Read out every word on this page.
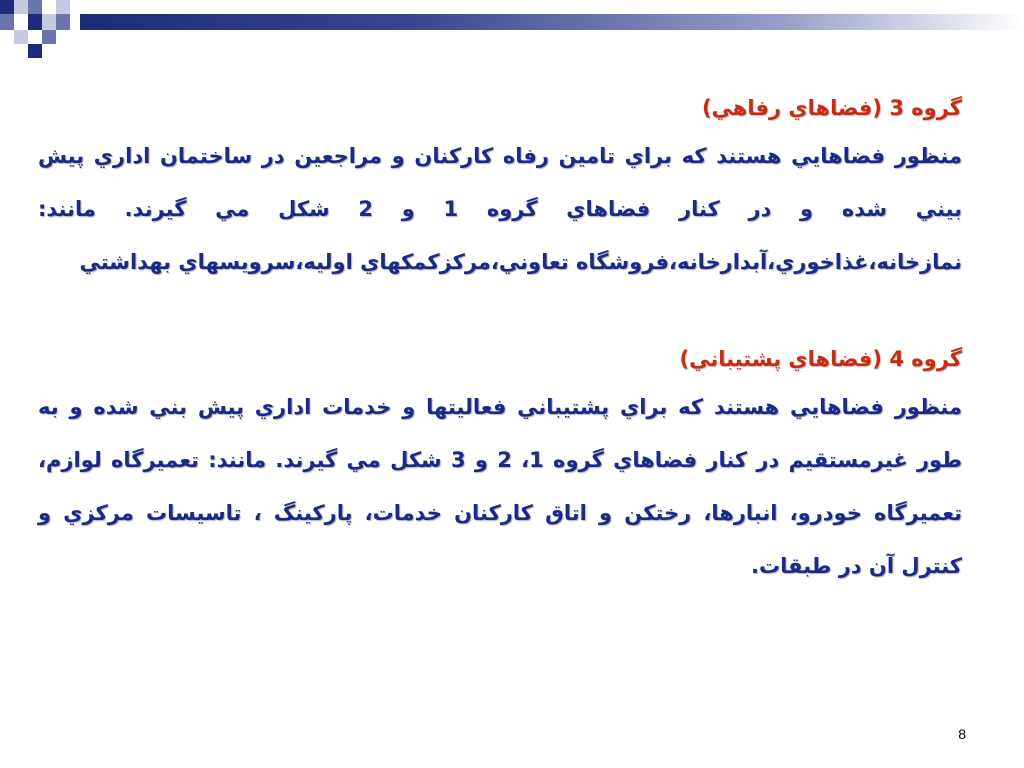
گروه 3 (فضاهاي رفاهي)

منظور فضاهايي هستند که براي تامين رفاه کارکنان و مراجعين در ساختمان اداري پيش بيني شده و در کنار فضاهاي گروه 1 و 2 شکل مي گيرند. مانند: نمازخانه،غذاخوري،آبدارخانه،فروشگاه تعاوني،مرکزکمکهاي اوليه،سرويسهاي بهداشتي

گروه 4 (فضاهاي پشتيباني)

منظور فضاهايي هستند که براي پشتيباني فعاليتها و خدمات اداري پيش بني شده و به طور غيرمستقيم در کنار فضاهاي گروه 1، 2 و 3 شکل مي گيرند. مانند: تعميرگاه لوازم، تعميرگاه خودرو، انبارها، رختکن و اتاق کارکنان خدمات، پارکينگ ، تاسيسات مرکزي و کنترل آن در طبقات.

8
